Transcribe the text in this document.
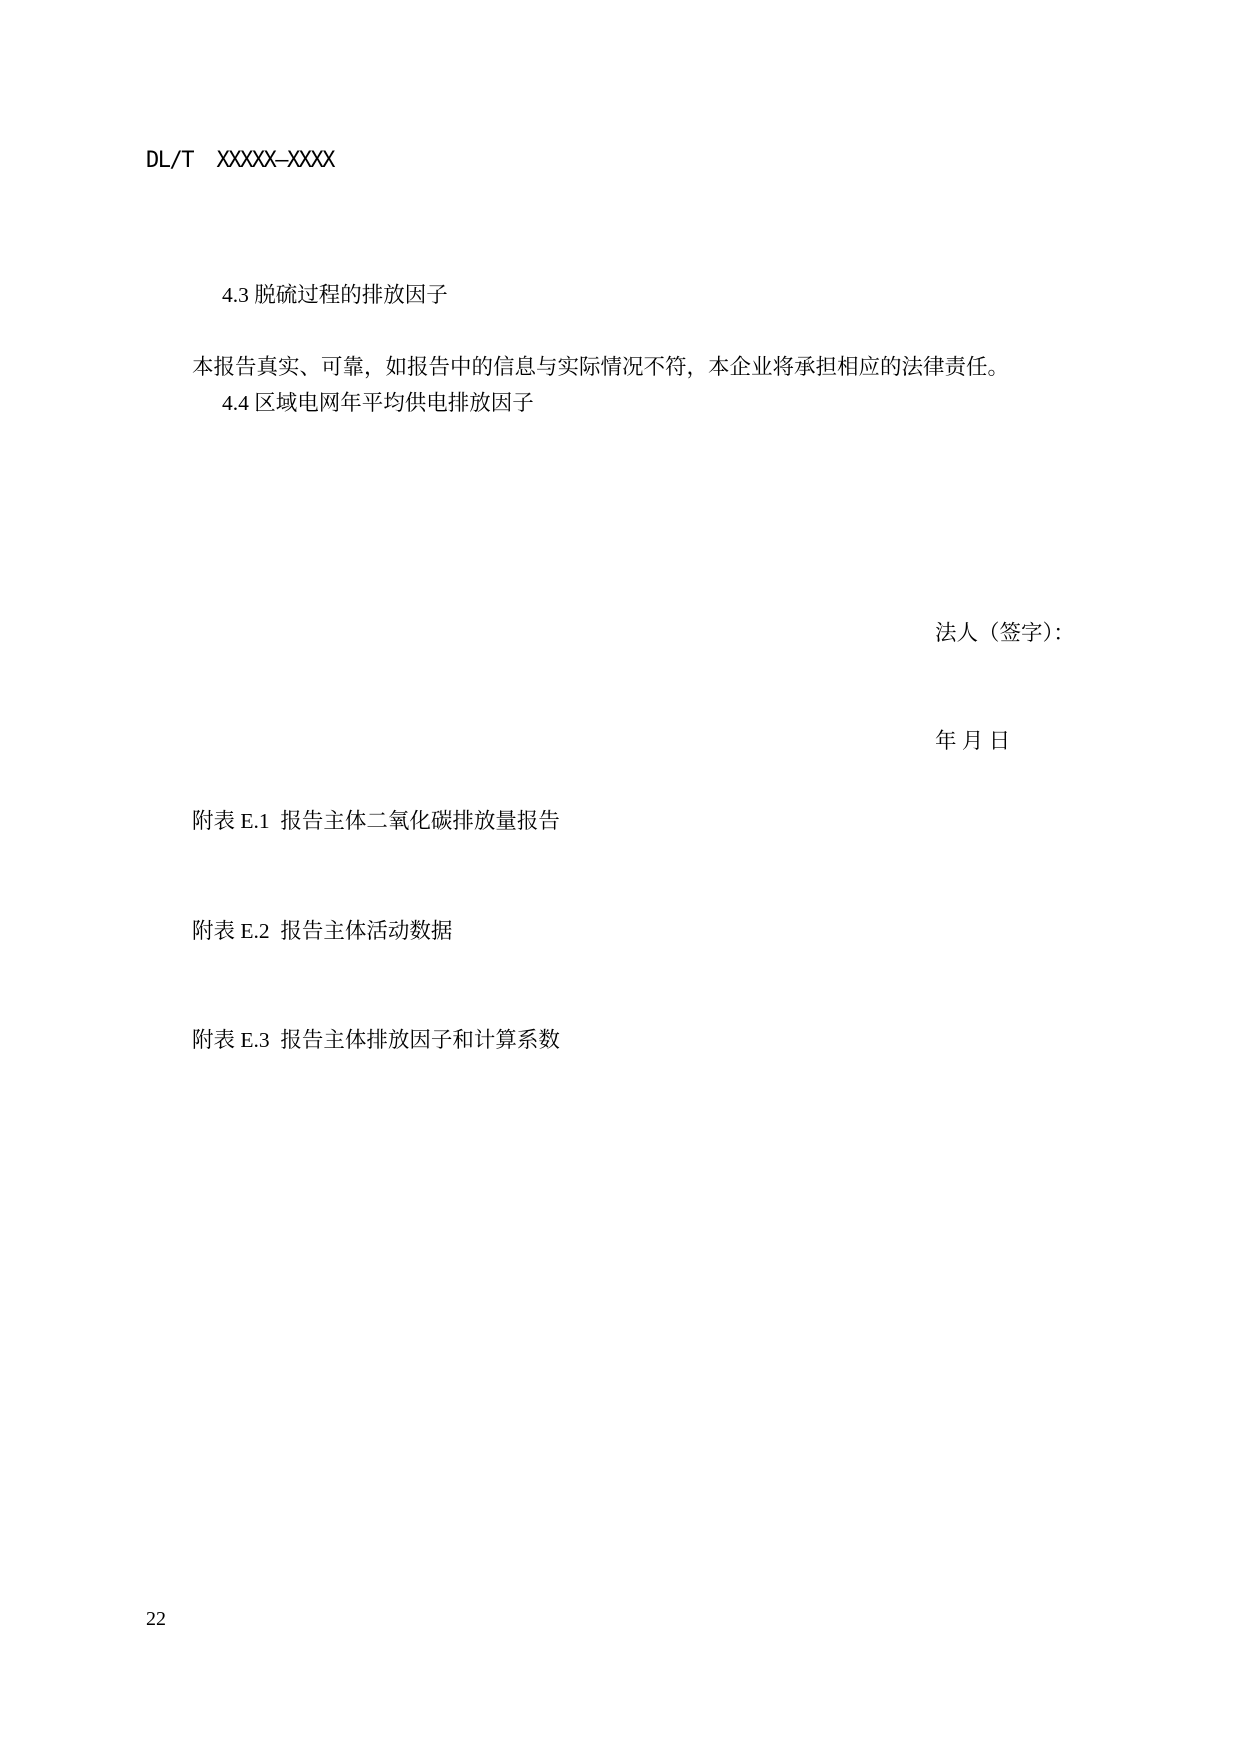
DL/T  XXXXX—XXXX

4.3 脱硫过程的排放因子

4.4 区域电网年平均供电排放因子

本报告真实、可靠，如报告中的信息与实际情况不符，本企业将承担相应的法律责任。

法人（签字）：

年 月 日

附表 E.1  报告主体二氧化碳排放量报告

附表 E.2  报告主体活动数据

附表 E.3  报告主体排放因子和计算系数

22
